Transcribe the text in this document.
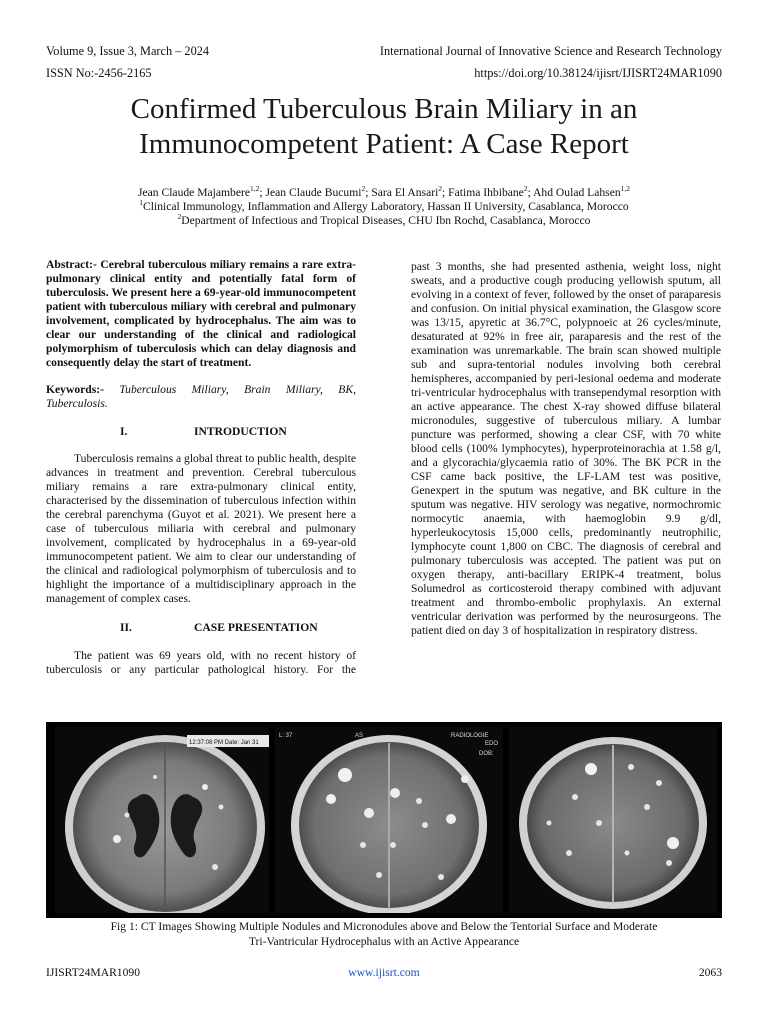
Volume 9, Issue 3, March – 2024	International Journal of Innovative Science and Research Technology
ISSN No:-2456-2165	https://doi.org/10.38124/ijisrt/IJISRT24MAR1090
Confirmed Tuberculous Brain Miliary in an
Immunocompetent Patient: A Case Report
Jean Claude Majambere$^{1,2}$; Jean Claude Bucumi$^2$; Sara El Ansari$^2$; Fatima Ihbibane$^2$; Ahd Oulad Lahsen$^{1,2}$
$^1$Clinical Immunology, Inflammation and Allergy Laboratory, Hassan II University, Casablanca, Morocco
$^2$Department of Infectious and Tropical Diseases, CHU Ibn Rochd, Casablanca, Morocco

Abstract:- Cerebral tuberculous miliary remains a rare extra-pulmonary clinical entity and potentially fatal form of tuberculosis. We present here a 69-year-old immunocompetent patient with tuberculous miliary with cerebral and pulmonary involvement, complicated by hydrocephalus. The aim was to clear our understanding of the clinical and radiological polymorphism of tuberculosis which can delay diagnosis and consequently delay the start of treatment.

Keywords:- Tuberculous Miliary, Brain Miliary, BK, Tuberculosis.

I.	INTRODUCTION

Tuberculosis remains a global threat to public health, despite advances in treatment and prevention. Cerebral tuberculous miliary remains a rare extra-pulmonary clinical entity, characterised by the dissemination of tuberculous infection within the cerebral parenchyma (Guyot et al. 2021). We present here a case of tuberculous miliaria with cerebral and pulmonary involvement, complicated by hydrocephalus in a 69-year-old immunocompetent patient. We aim to clear our understanding of the clinical and radiological polymorphism of tuberculosis and to highlight the importance of a multidisciplinary approach in the management of complex cases.

II.	CASE PRESENTATION

The patient was 69 years old, with no recent history of tuberculosis or any particular pathological history. For the

past 3 months, she had presented asthenia, weight loss, night sweats, and a productive cough producing yellowish sputum, all evolving in a context of fever, followed by the onset of paraparesis and confusion. On initial physical examination, the Glasgow score was 13/15, apyretic at 36.7°C, polypnoeic at 26 cycles/minute, desaturated at 92% in free air, paraparesis and the rest of the examination was unremarkable. The brain scan showed multiple sub and supra-tentorial nodules involving both cerebral hemispheres, accompanied by peri-lesional oedema and moderate tri-ventricular hydrocephalus with transependymal resorption with an active appearance. The chest X-ray showed diffuse bilateral micronodules, suggestive of tuberculous miliary. A lumbar puncture was performed, showing a clear CSF, with 70 white blood cells (100% lymphocytes), hyperproteinorachia at 1.58 g/l, and a glycorachia/glycaemia ratio of 30%. The BK PCR in the CSF came back positive, the LF-LAM test was positive, Genexpert in the sputum was negative, and BK culture in the sputum was negative. HIV serology was negative, normochromic normocytic anaemia, with haemoglobin 9.9 g/dl, hyperleukocytosis 15,000 cells, predominantly neutrophilic, lymphocyte count 1,800 on CBC. The diagnosis of cerebral and pulmonary tuberculosis was accepted. The patient was put on oxygen therapy, anti-bacillary ERIPK-4 treatment, bolus Solumedrol as corticosteroid therapy combined with adjuvant treatment and thrombo-embolic prophylaxis. An external ventricular derivation was performed by the neurosurgeons. The patient died on day 3 of hospitalization in respiratory distress.

12:37:08 PM Date: Jan 31
L: 37	AS	RADIOLOGIE
EDO
DOB:
PI
Fig 1: CT Images Showing Multiple Nodules and Micronodules above and Below the Tentorial Surface and Moderate
Tri-Vantricular Hydrocephalus with an Active Appearance
IJISRT24MAR1090	www.ijisrt.com	2063
